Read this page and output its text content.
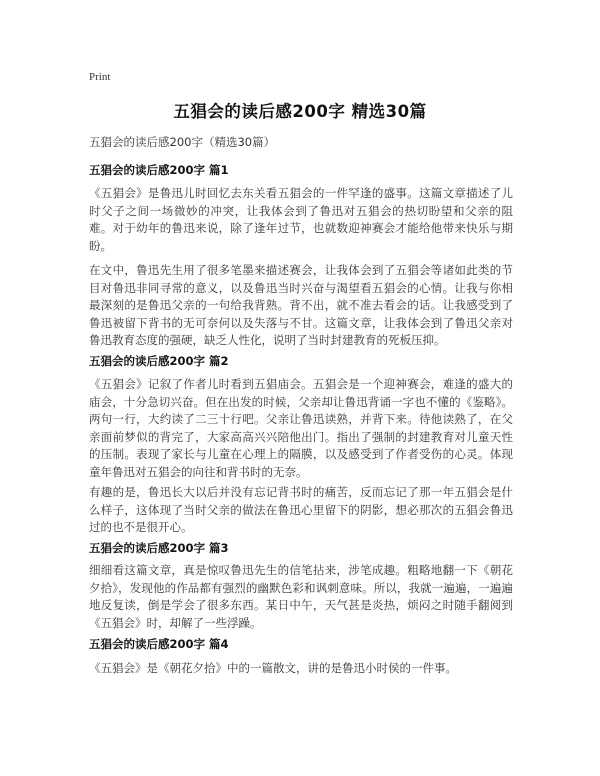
Print
五猖会的读后感200字 精选30篇
五猖会的读后感200字（精选30篇）
五猖会的读后感200字 篇1
《五猖会》是鲁迅儿时回忆去东关看五猖会的一件罕逢的盛事。这篇文章描述了儿时父子之间一场微妙的冲突，让我体会到了鲁迅对五猖会的热切盼望和父亲的阻难。对于幼年的鲁迅来说，除了逢年过节，也就数迎神赛会才能给他带来快乐与期盼。
在文中，鲁迅先生用了很多笔墨来描述赛会，让我体会到了五猖会等诸如此类的节目对鲁迅非同寻常的意义，以及鲁迅当时兴奋与渴望看五猖会的心情。让我与你相最深刻的是鲁迅父亲的一句给我背熟。背不出，就不准去看会的话。让我感受到了鲁迅被留下背书的无可奈何以及失落与不甘。这篇文章，让我体会到了鲁迅父亲对鲁迅教育态度的强硬，缺乏人性化，说明了当时封建教育的死板压抑。
五猖会的读后感200字 篇2
《五猖会》记叙了作者儿时看到五猖庙会。五猖会是一个迎神赛会，难逢的盛大的庙会，十分急切兴奋。但在出发的时候，父亲却让鲁迅背诵一字也不懂的《鉴略》。两句一行，大约读了二三十行吧。父亲让鲁迅读熟，并背下来。待他读熟了，在父亲面前梦似的背完了，大家高高兴兴陪他出门。指出了强制的封建教育对儿童天性的压制。表现了家长与儿童在心理上的隔膜，以及感受到了作者受伤的心灵。体现童年鲁迅对五猖会的向往和背书时的无奈。
有趣的是，鲁迅长大以后并没有忘记背书时的痛苦，反而忘记了那一年五猖会是什么样子，这体现了当时父亲的做法在鲁迅心里留下的阴影，想必那次的五猖会鲁迅过的也不是很开心。
五猖会的读后感200字 篇3
细细看这篇文章，真是惊叹鲁迅先生的信笔拈来，涉笔成趣。粗略地翻一下《朝花夕拾》，发现他的作品都有强烈的幽默色彩和讽刺意味。所以，我就一遍遍，一遍遍地反复读，倒是学会了很多东西。某日中午，天气甚是炎热，烦闷之时随手翻阅到《五猖会》时，却解了一些浮躁。
五猖会的读后感200字 篇4
《五猖会》是《朝花夕拾》中的一篇散文，讲的是鲁迅小时侯的一件事。
